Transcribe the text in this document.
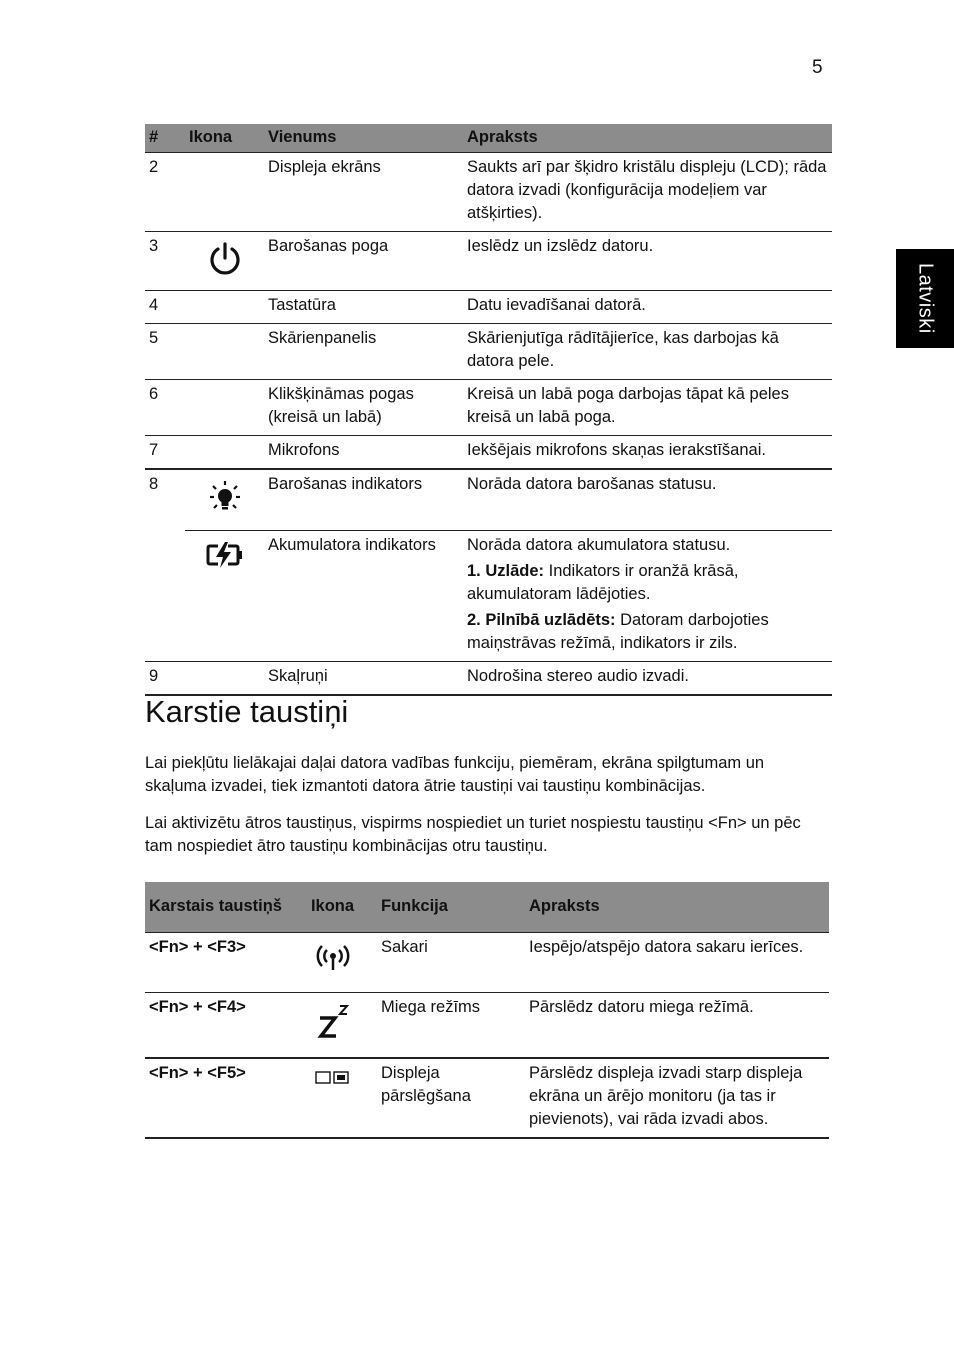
5
Latviski
#	Ikona	Vienums	Apraksts
2		Displeja ekrāns	Saukts arī par šķidro kristālu displeju (LCD); rāda datora izvadi (konfigurācija modeļiem var atšķirties).
3		Barošanas poga	Ieslēdz un izslēdz datoru.
4		Tastatūra	Datu ievadīšanai datorā.
5		Skārienpanelis	Skārienjutīga rādītājierīce, kas darbojas kā datora pele.
6		Klikšķināmas pogas (kreisā un labā)	Kreisā un labā poga darbojas tāpat kā peles kreisā un labā poga.
7		Mikrofons	Iekšējais mikrofons skaņas ierakstīšanai.
8		Barošanas indikators	Norāda datora barošanas statusu.
		Akumulatora indikators	Norāda datora akumulatora statusu.

1. Uzlāde: Indikators ir oranžā krāsā, akumulatoram lādējoties.

2. Pilnībā uzlādēts: Datoram darbojoties maiņstrāvas režīmā, indikators ir zils.

9		Skaļruņi	Nodrošina stereo audio izvadi.
Karstie taustiņi

Lai piekļūtu lielākajai daļai datora vadības funkciju, piemēram, ekrāna spilgtumam un skaļuma izvadei, tiek izmantoti datora ātrie taustiņi vai taustiņu kombinācijas.

Lai aktivizētu ātros taustiņus, vispirms nospiediet un turiet nospiestu taustiņu <Fn> un pēc tam nospiediet ātro taustiņu kombinācijas otru taustiņu.

Karstais taustiņš	Ikona	Funkcija	Apraksts
<Fn> + <F3>		Sakari	Iespējo/atspējo datora sakaru ierīces.
<Fn> + <F4>		Miega režīms	Pārslēdz datoru miega režīmā.
<Fn> + <F5>		Displeja pārslēgšana	Pārslēdz displeja izvadi starp displeja ekrāna un ārējo monitoru (ja tas ir pievienots), vai rāda izvadi abos.
